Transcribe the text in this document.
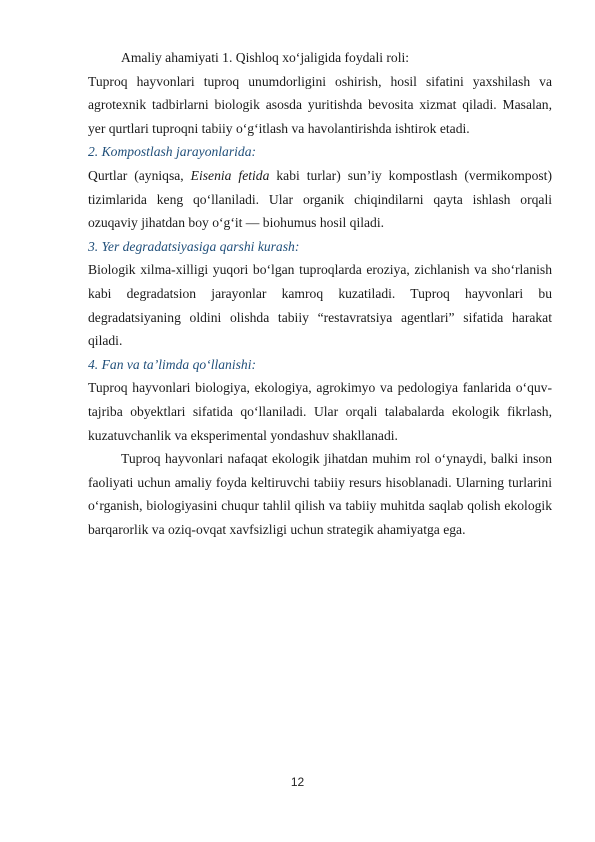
Amaliy ahamiyati 1. Qishloq xo‘jaligida foydali roli:

Tuproq hayvonlari tuproq unumdorligini oshirish, hosil sifatini yaxshilash va agrotexnik tadbirlarni biologik asosda yuritishda bevosita xizmat qiladi. Masalan, yer qurtlari tuproqni tabiiy o‘g‘itlash va havolantirishda ishtirok etadi.

2. Kompostlash jarayonlarida:

Qurtlar (ayniqsa, Eisenia fetida kabi turlar) sun’iy kompostlash (vermikompost) tizimlarida keng qo‘llaniladi. Ular organik chiqindilarni qayta ishlash orqali ozuqaviy jihatdan boy o‘g‘it — biohumus hosil qiladi.

3. Yer degradatsiyasiga qarshi kurash:

Biologik xilma-xilligi yuqori bo‘lgan tuproqlarda eroziya, zichlanish va sho‘rlanish kabi degradatsion jarayonlar kamroq kuzatiladi. Tuproq hayvonlari bu degradatsiyaning oldini olishda tabiiy “restavratsiya agentlari” sifatida harakat qiladi.

4. Fan va ta’limda qo‘llanishi:

Tuproq hayvonlari biologiya, ekologiya, agrokimyo va pedologiya fanlarida o‘quv-tajriba obyektlari sifatida qo‘llaniladi. Ular orqali talabalarda ekologik fikrlash, kuzatuvchanlik va eksperimental yondashuv shakllanadi.

Tuproq hayvonlari nafaqat ekologik jihatdan muhim rol o‘ynaydi, balki inson faoliyati uchun amaliy foyda keltiruvchi tabiiy resurs hisoblanadi. Ularning turlarini o‘rganish, biologiyasini chuqur tahlil qilish va tabiiy muhitda saqlab qolish ekologik barqarorlik va oziq-ovqat xavfsizligi uchun strategik ahamiyatga ega.

12
